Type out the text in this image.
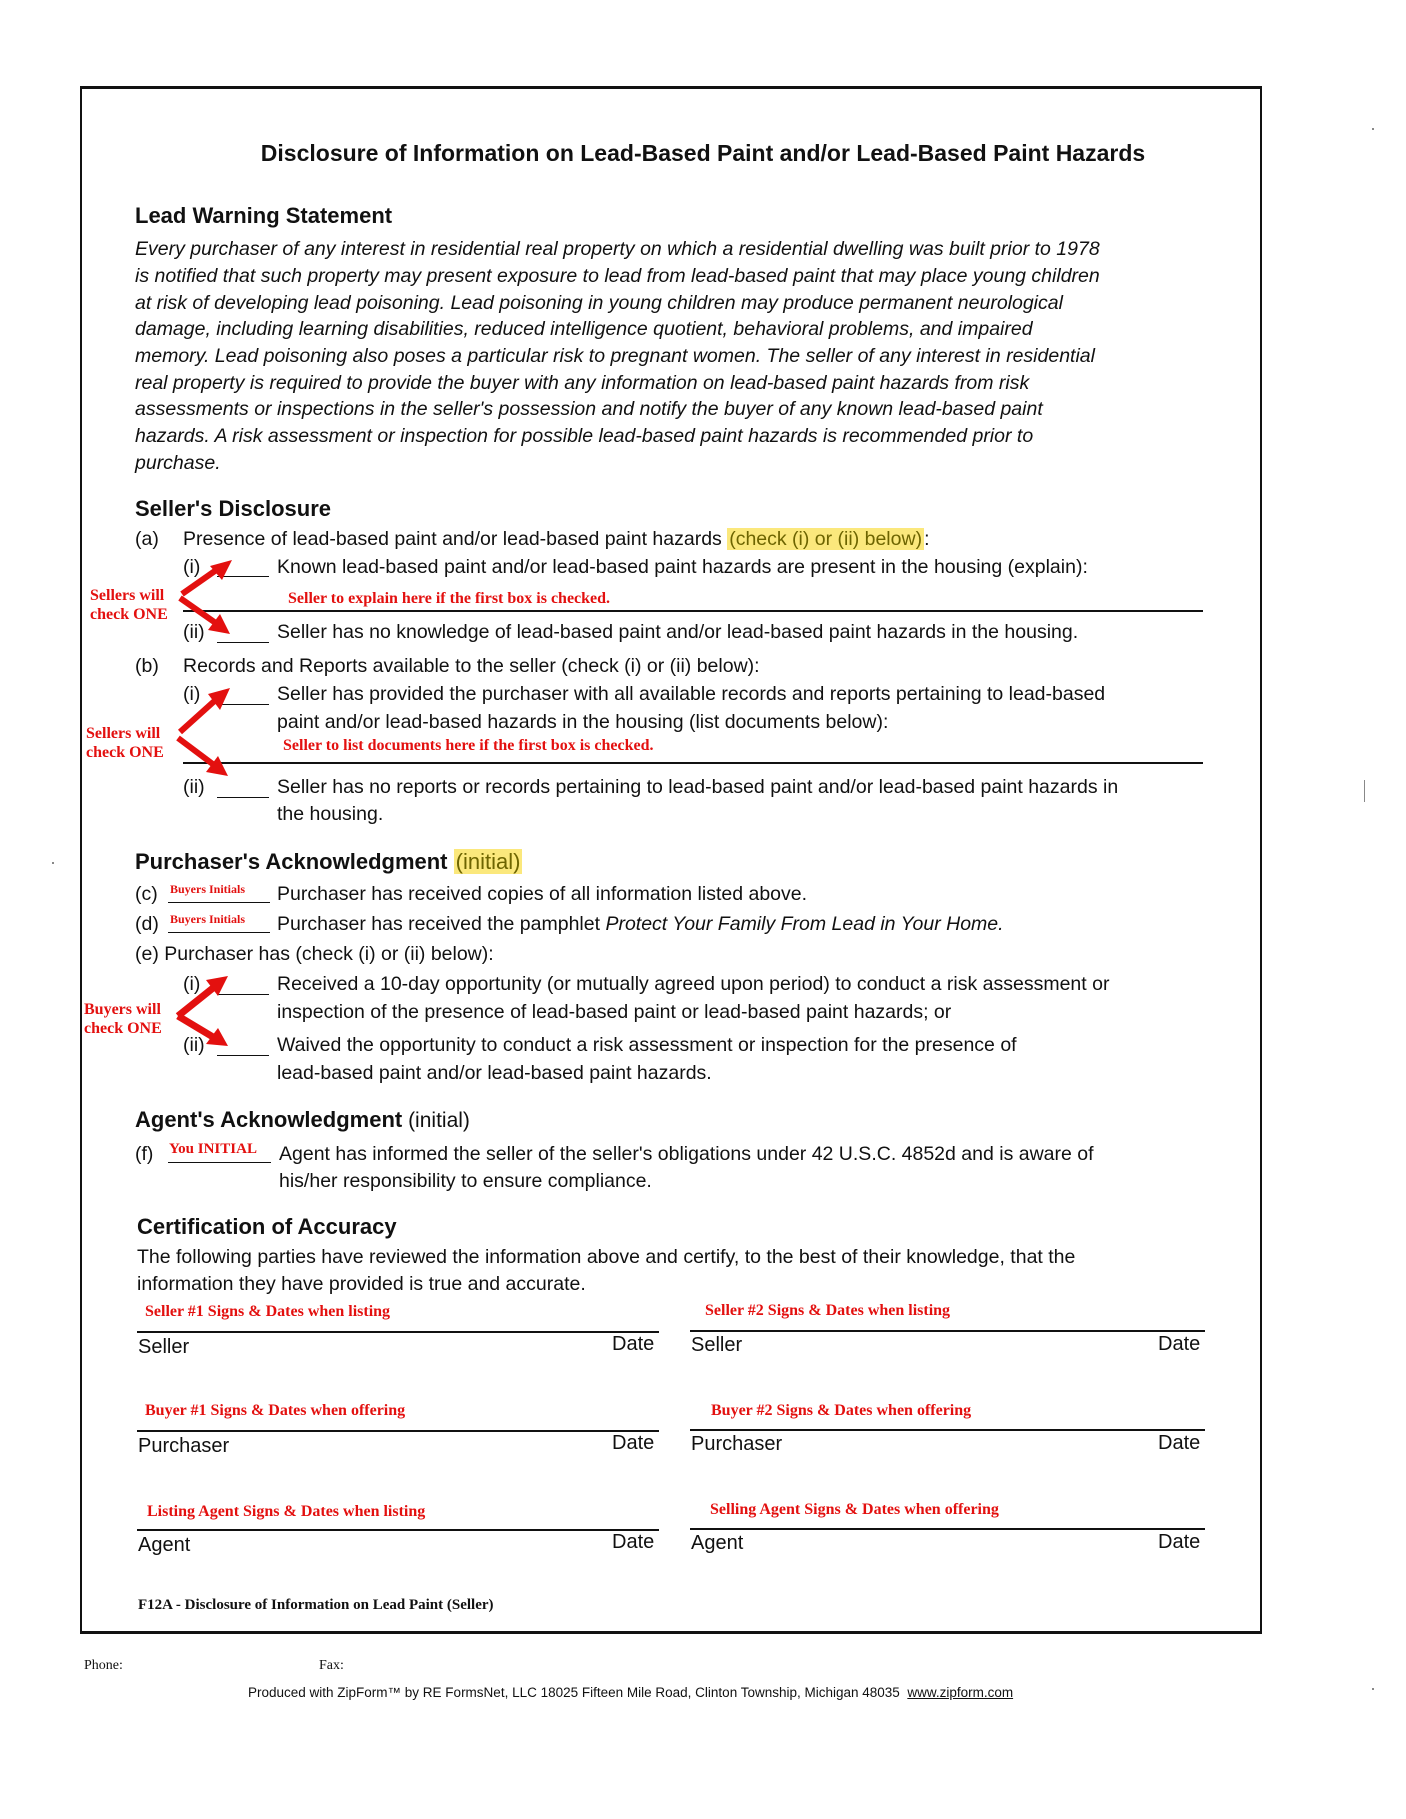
Disclosure of Information on Lead-Based Paint and/or Lead-Based Paint Hazards
Lead Warning Statement
Every purchaser of any interest in residential real property on which a residential dwelling was built prior to 1978
is notified that such property may present exposure to lead from lead-based paint that may place young children
at risk of developing lead poisoning. Lead poisoning in young children may produce permanent neurological
damage, including learning disabilities, reduced intelligence quotient, behavioral problems, and impaired
memory. Lead poisoning also poses a particular risk to pregnant women. The seller of any interest in residential
real property is required to provide the buyer with any information on lead-based paint hazards from risk
assessments or inspections in the seller's possession and notify the buyer of any known lead-based paint
hazards. A risk assessment or inspection for possible lead-based paint hazards is recommended prior to
purchase.
Seller's Disclosure
(a) Presence of lead-based paint and/or lead-based paint hazards (check (i) or (ii) below) :
(i)	Known lead-based paint and/or lead-based paint hazards are present in the housing (explain):
Seller to explain here if the first box is checked.
(ii)	Seller has no knowledge of lead-based paint and/or lead-based paint hazards in the housing.
Sellers will
check ONE
(b) Records and Reports available to the seller (check (i) or (ii) below):
(i)	Seller has provided the purchaser with all available records and reports pertaining to lead-based
paint and/or lead-based hazards in the housing (list documents below):
Seller to list documents here if the first box is checked.
(ii)	Seller has no reports or records pertaining to lead-based paint and/or lead-based paint hazards in
the housing.
Sellers will
check ONE
Purchaser's Acknowledgment (initial)
(c) Buyers Initials	Purchaser has received copies of all information listed above.
(d) Buyers Initials	Purchaser has received the pamphlet Protect Your Family From Lead in Your Home.
(e) Purchaser has (check (i) or (ii) below):
(i)	Received a 10-day opportunity (or mutually agreed upon period) to conduct a risk assessment or
inspection of the presence of lead-based paint or lead-based paint hazards; or
(ii)	Waived the opportunity to conduct a risk assessment or inspection for the presence of
lead-based paint and/or lead-based paint hazards.
Buyers will
check ONE
Agent's Acknowledgment (initial)
(f) You INITIAL	Agent has informed the seller of the seller's obligations under 42 U.S.C. 4852d and is aware of
his/her responsibility to ensure compliance.
Certification of Accuracy
The following parties have reviewed the information above and certify, to the best of their knowledge, that the
information they have provided is true and accurate.
Seller #1 Signs & Dates when listing
Seller	Date
Seller #2 Signs & Dates when listing
Seller	Date
Buyer #1 Signs & Dates when offering
Purchaser	Date
Buyer #2 Signs & Dates when offering
Purchaser	Date
Listing Agent Signs & Dates when listing
Agent	Date
Selling Agent Signs & Dates when offering
Agent	Date
F12A - Disclosure of Information on Lead Paint (Seller)
Phone:	Fax:
Produced with ZipForm™ by RE FormsNet, LLC 18025 Fifteen Mile Road, Clinton Township, Michigan 48035 www.zipform.com
